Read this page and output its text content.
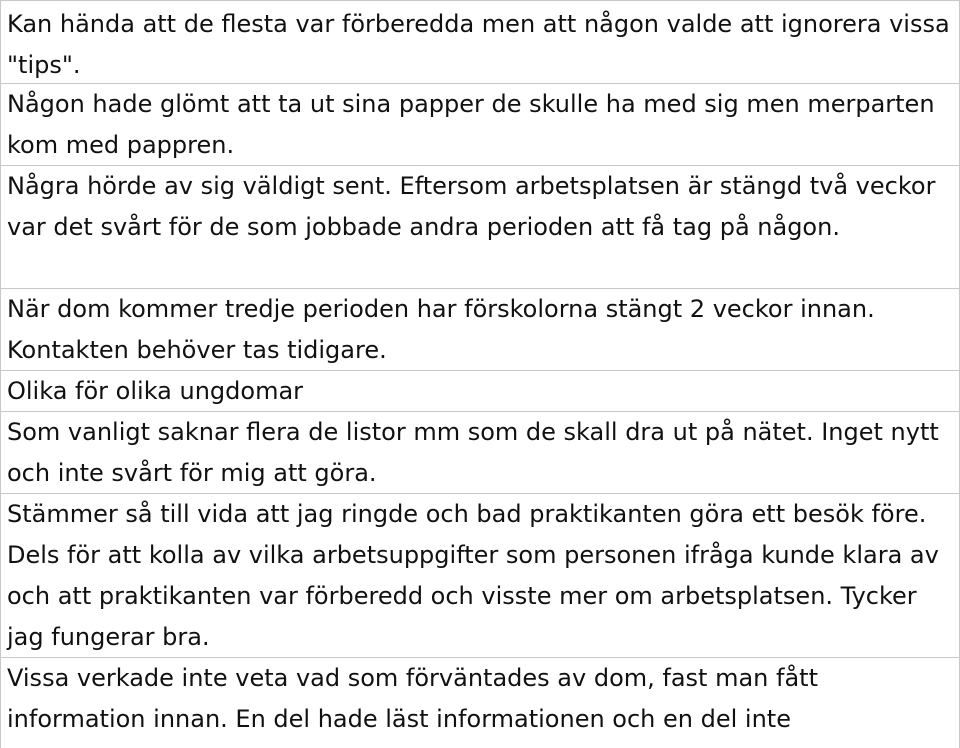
Kan hända att de flesta var förberedda men att någon valde att ignorera vissa "tips".
Någon hade glömt att ta ut sina papper de skulle ha med sig men merparten kom med pappren.
Några hörde av sig väldigt sent. Eftersom arbetsplatsen är stängd två veckor var det svårt för de som jobbade andra perioden att få tag på någon.
När dom kommer tredje perioden har förskolorna stängt 2 veckor innan. Kontakten behöver tas tidigare.
Olika för olika ungdomar
Som vanligt saknar flera de listor mm som de skall dra ut på nätet. Inget nytt och inte svårt för mig att göra.
Stämmer så till vida att jag ringde och bad praktikanten göra ett besök före. Dels för att kolla av vilka arbetsuppgifter som personen ifråga kunde klara av och att praktikanten var förberedd och visste mer om arbetsplatsen. Tycker jag fungerar bra.
Vissa verkade inte veta vad som förväntades av dom, fast man fått information innan. En del hade läst informationen och en del inte
